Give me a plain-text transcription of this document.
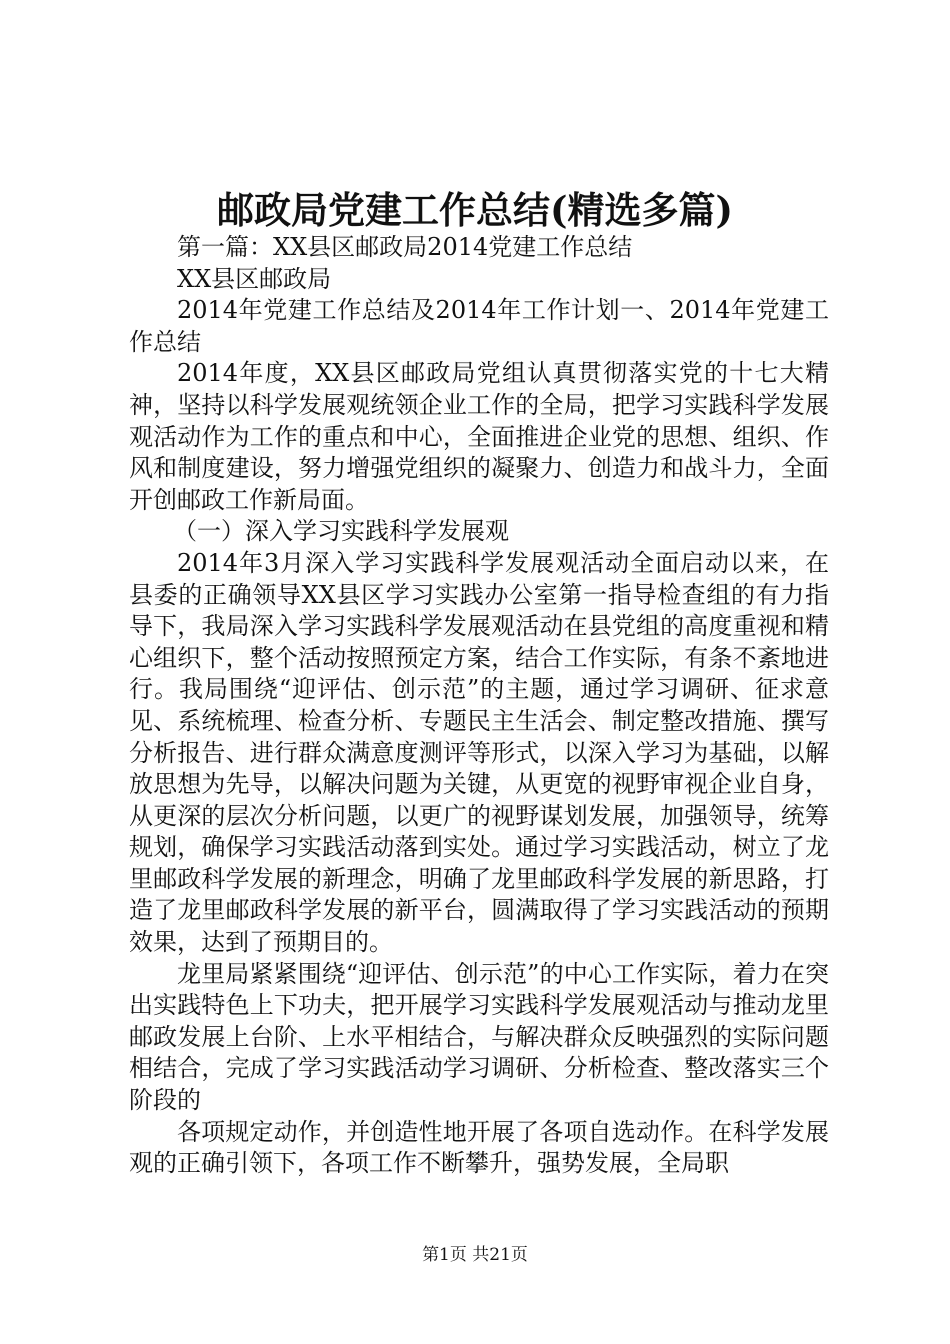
邮政局党建工作总结(精选多篇)

第一篇：XX县区邮政局2014党建工作总结

XX县区邮政局

2014年党建工作总结及2014年工作计划一、2014年党建工作总结

2014年度，XX县区邮政局党组认真贯彻落实党的十七大精神，坚持以科学发展观统领企业工作的全局，把学习实践科学发展观活动作为工作的重点和中心，全面推进企业党的思想、组织、作风和制度建设，努力增强党组织的凝聚力、创造力和战斗力，全面开创邮政工作新局面。

（一）深入学习实践科学发展观

2014年3月深入学习实践科学发展观活动全面启动以来，在县委的正确领导XX县区学习实践办公室第一指导检查组的有力指导下，我局深入学习实践科学发展观活动在县党组的高度重视和精心组织下，整个活动按照预定方案，结合工作实际，有条不紊地进行。我局围绕“迎评估、创示范”的主题，通过学习调研、征求意见、系统梳理、检查分析、专题民主生活会、制定整改措施、撰写分析报告、进行群众满意度测评等形式，以深入学习为基础，以解放思想为先导，以解决问题为关键，从更宽的视野审视企业自身，从更深的层次分析问题，以更广的视野谋划发展，加强领导，统筹规划，确保学习实践活动落到实处。通过学习实践活动，树立了龙里邮政科学发展的新理念，明确了龙里邮政科学发展的新思路，打造了龙里邮政科学发展的新平台，圆满取得了学习实践活动的预期效果，达到了预期目的。

龙里局紧紧围绕“迎评估、创示范”的中心工作实际，着力在突出实践特色上下功夫，把开展学习实践科学发展观活动与推动龙里邮政发展上台阶、上水平相结合，与解决群众反映强烈的实际问题相结合，完成了学习实践活动学习调研、分析检查、整改落实三个阶段的

各项规定动作，并创造性地开展了各项自选动作。在科学发展观的正确引领下，各项工作不断攀升，强势发展，全局职

第1页 共21页
